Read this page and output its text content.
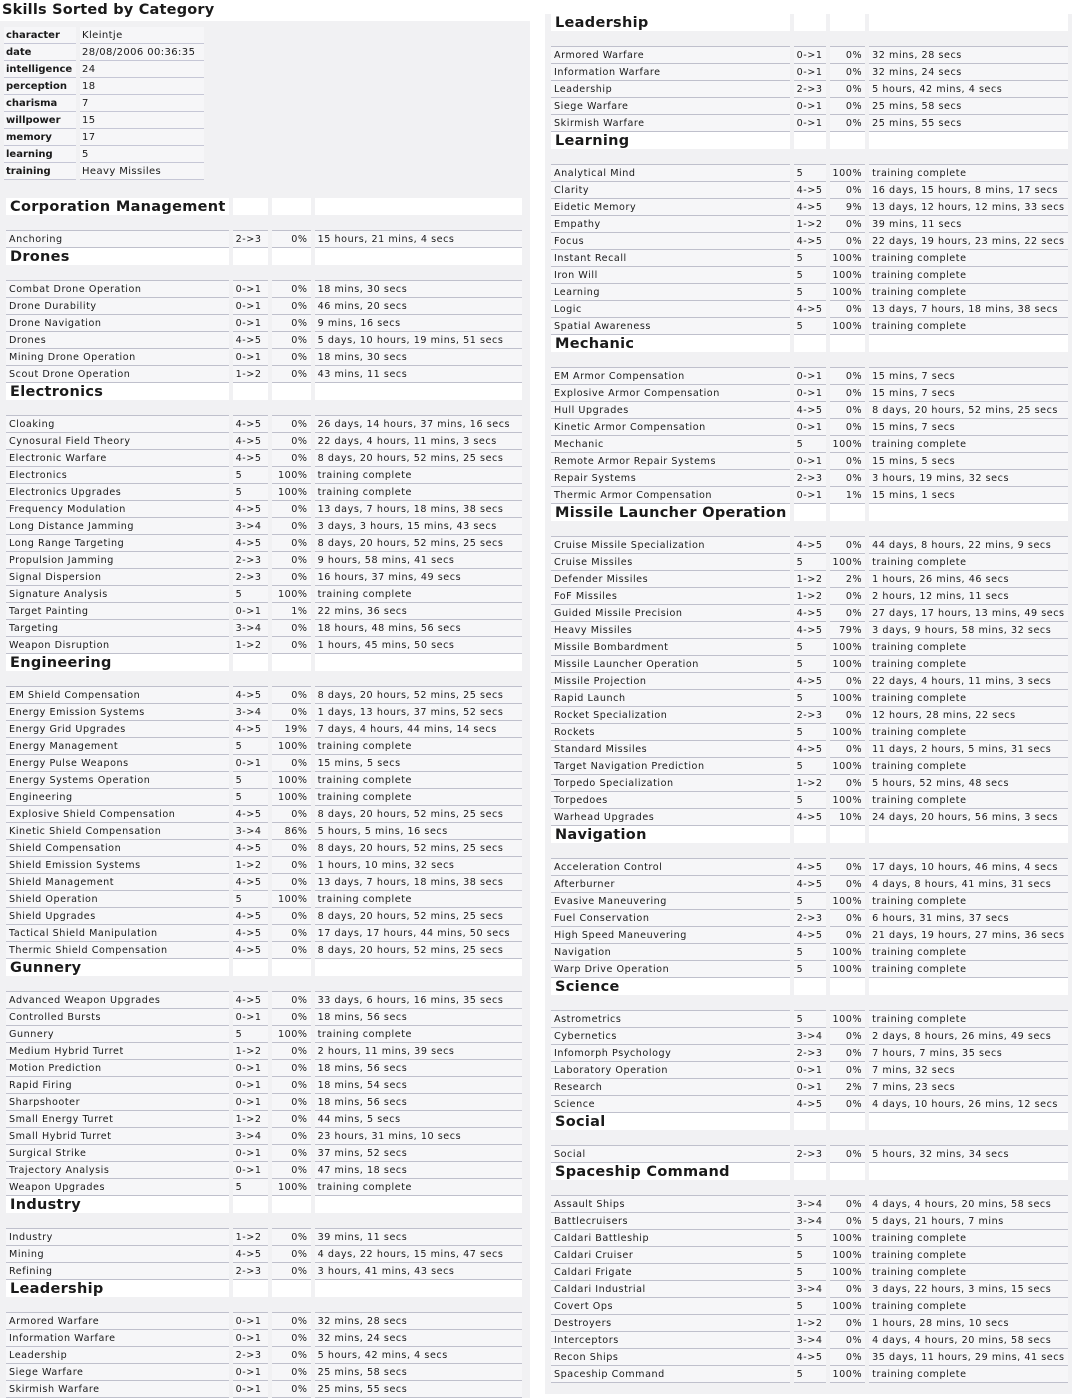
Skills Sorted by Category
character	Kleintje
date	28/08/2006 00:36:35
intelligence	24
perception	18
charisma	7
willpower	15
memory	17
learning	5
training	Heavy Missiles
Corporation Management			

Anchoring	2->3	0%	15 hours, 21 mins, 4 secs
Drones			

Combat Drone Operation	0->1	0%	18 mins, 30 secs
Drone Durability	0->1	0%	46 mins, 20 secs
Drone Navigation	0->1	0%	9 mins, 16 secs
Drones	4->5	0%	5 days, 10 hours, 19 mins, 51 secs
Mining Drone Operation	0->1	0%	18 mins, 30 secs
Scout Drone Operation	1->2	0%	43 mins, 11 secs
Electronics			

Cloaking	4->5	0%	26 days, 14 hours, 37 mins, 16 secs
Cynosural Field Theory	4->5	0%	22 days, 4 hours, 11 mins, 3 secs
Electronic Warfare	4->5	0%	8 days, 20 hours, 52 mins, 25 secs
Electronics	5	100%	training complete
Electronics Upgrades	5	100%	training complete
Frequency Modulation	4->5	0%	13 days, 7 hours, 18 mins, 38 secs
Long Distance Jamming	3->4	0%	3 days, 3 hours, 15 mins, 43 secs
Long Range Targeting	4->5	0%	8 days, 20 hours, 52 mins, 25 secs
Propulsion Jamming	2->3	0%	9 hours, 58 mins, 41 secs
Signal Dispersion	2->3	0%	16 hours, 37 mins, 49 secs
Signature Analysis	5	100%	training complete
Target Painting	0->1	1%	22 mins, 36 secs
Targeting	3->4	0%	18 hours, 48 mins, 56 secs
Weapon Disruption	1->2	0%	1 hours, 45 mins, 50 secs
Engineering			

EM Shield Compensation	4->5	0%	8 days, 20 hours, 52 mins, 25 secs
Energy Emission Systems	3->4	0%	1 days, 13 hours, 37 mins, 52 secs
Energy Grid Upgrades	4->5	19%	7 days, 4 hours, 44 mins, 14 secs
Energy Management	5	100%	training complete
Energy Pulse Weapons	0->1	0%	15 mins, 5 secs
Energy Systems Operation	5	100%	training complete
Engineering	5	100%	training complete
Explosive Shield Compensation	4->5	0%	8 days, 20 hours, 52 mins, 25 secs
Kinetic Shield Compensation	3->4	86%	5 hours, 5 mins, 16 secs
Shield Compensation	4->5	0%	8 days, 20 hours, 52 mins, 25 secs
Shield Emission Systems	1->2	0%	1 hours, 10 mins, 32 secs
Shield Management	4->5	0%	13 days, 7 hours, 18 mins, 38 secs
Shield Operation	5	100%	training complete
Shield Upgrades	4->5	0%	8 days, 20 hours, 52 mins, 25 secs
Tactical Shield Manipulation	4->5	0%	17 days, 17 hours, 44 mins, 50 secs
Thermic Shield Compensation	4->5	0%	8 days, 20 hours, 52 mins, 25 secs
Gunnery			

Advanced Weapon Upgrades	4->5	0%	33 days, 6 hours, 16 mins, 35 secs
Controlled Bursts	0->1	0%	18 mins, 56 secs
Gunnery	5	100%	training complete
Medium Hybrid Turret	1->2	0%	2 hours, 11 mins, 39 secs
Motion Prediction	0->1	0%	18 mins, 56 secs
Rapid Firing	0->1	0%	18 mins, 54 secs
Sharpshooter	0->1	0%	18 mins, 56 secs
Small Energy Turret	1->2	0%	44 mins, 5 secs
Small Hybrid Turret	3->4	0%	23 hours, 31 mins, 10 secs
Surgical Strike	0->1	0%	37 mins, 52 secs
Trajectory Analysis	0->1	0%	47 mins, 18 secs
Weapon Upgrades	5	100%	training complete
Industry			

Industry	1->2	0%	39 mins, 11 secs
Mining	4->5	0%	4 days, 22 hours, 15 mins, 47 secs
Refining	2->3	0%	3 hours, 41 mins, 43 secs
Leadership			

Armored Warfare	0->1	0%	32 mins, 28 secs
Information Warfare	0->1	0%	32 mins, 24 secs
Leadership	2->3	0%	5 hours, 42 mins, 4 secs
Siege Warfare	0->1	0%	25 mins, 58 secs
Skirmish Warfare	0->1	0%	25 mins, 55 secs
Leadership			

Armored Warfare	0->1	0%	32 mins, 28 secs
Information Warfare	0->1	0%	32 mins, 24 secs
Leadership	2->3	0%	5 hours, 42 mins, 4 secs
Siege Warfare	0->1	0%	25 mins, 58 secs
Skirmish Warfare	0->1	0%	25 mins, 55 secs
Learning			

Analytical Mind	5	100%	training complete
Clarity	4->5	0%	16 days, 15 hours, 8 mins, 17 secs
Eidetic Memory	4->5	9%	13 days, 12 hours, 12 mins, 33 secs
Empathy	1->2	0%	39 mins, 11 secs
Focus	4->5	0%	22 days, 19 hours, 23 mins, 22 secs
Instant Recall	5	100%	training complete
Iron Will	5	100%	training complete
Learning	5	100%	training complete
Logic	4->5	0%	13 days, 7 hours, 18 mins, 38 secs
Spatial Awareness	5	100%	training complete
Mechanic			

EM Armor Compensation	0->1	0%	15 mins, 7 secs
Explosive Armor Compensation	0->1	0%	15 mins, 7 secs
Hull Upgrades	4->5	0%	8 days, 20 hours, 52 mins, 25 secs
Kinetic Armor Compensation	0->1	0%	15 mins, 7 secs
Mechanic	5	100%	training complete
Remote Armor Repair Systems	0->1	0%	15 mins, 5 secs
Repair Systems	2->3	0%	3 hours, 19 mins, 32 secs
Thermic Armor Compensation	0->1	1%	15 mins, 1 secs
Missile Launcher Operation			

Cruise Missile Specialization	4->5	0%	44 days, 8 hours, 22 mins, 9 secs
Cruise Missiles	5	100%	training complete
Defender Missiles	1->2	2%	1 hours, 26 mins, 46 secs
FoF Missiles	1->2	0%	2 hours, 12 mins, 11 secs
Guided Missile Precision	4->5	0%	27 days, 17 hours, 13 mins, 49 secs
Heavy Missiles	4->5	79%	3 days, 9 hours, 58 mins, 32 secs
Missile Bombardment	5	100%	training complete
Missile Launcher Operation	5	100%	training complete
Missile Projection	4->5	0%	22 days, 4 hours, 11 mins, 3 secs
Rapid Launch	5	100%	training complete
Rocket Specialization	2->3	0%	12 hours, 28 mins, 22 secs
Rockets	5	100%	training complete
Standard Missiles	4->5	0%	11 days, 2 hours, 5 mins, 31 secs
Target Navigation Prediction	5	100%	training complete
Torpedo Specialization	1->2	0%	5 hours, 52 mins, 48 secs
Torpedoes	5	100%	training complete
Warhead Upgrades	4->5	10%	24 days, 20 hours, 56 mins, 3 secs
Navigation			

Acceleration Control	4->5	0%	17 days, 10 hours, 46 mins, 4 secs
Afterburner	4->5	0%	4 days, 8 hours, 41 mins, 31 secs
Evasive Maneuvering	5	100%	training complete
Fuel Conservation	2->3	0%	6 hours, 31 mins, 37 secs
High Speed Maneuvering	4->5	0%	21 days, 19 hours, 27 mins, 36 secs
Navigation	5	100%	training complete
Warp Drive Operation	5	100%	training complete
Science			

Astrometrics	5	100%	training complete
Cybernetics	3->4	0%	2 days, 8 hours, 26 mins, 49 secs
Infomorph Psychology	2->3	0%	7 hours, 7 mins, 35 secs
Laboratory Operation	0->1	0%	7 mins, 32 secs
Research	0->1	2%	7 mins, 23 secs
Science	4->5	0%	4 days, 10 hours, 26 mins, 12 secs
Social			

Social	2->3	0%	5 hours, 32 mins, 34 secs
Spaceship Command			

Assault Ships	3->4	0%	4 days, 4 hours, 20 mins, 58 secs
Battlecruisers	3->4	0%	5 days, 21 hours, 7 mins
Caldari Battleship	5	100%	training complete
Caldari Cruiser	5	100%	training complete
Caldari Frigate	5	100%	training complete
Caldari Industrial	3->4	0%	3 days, 22 hours, 3 mins, 15 secs
Covert Ops	5	100%	training complete
Destroyers	1->2	0%	1 hours, 28 mins, 10 secs
Interceptors	3->4	0%	4 days, 4 hours, 20 mins, 58 secs
Recon Ships	4->5	0%	35 days, 11 hours, 29 mins, 41 secs
Spaceship Command	5	100%	training complete
